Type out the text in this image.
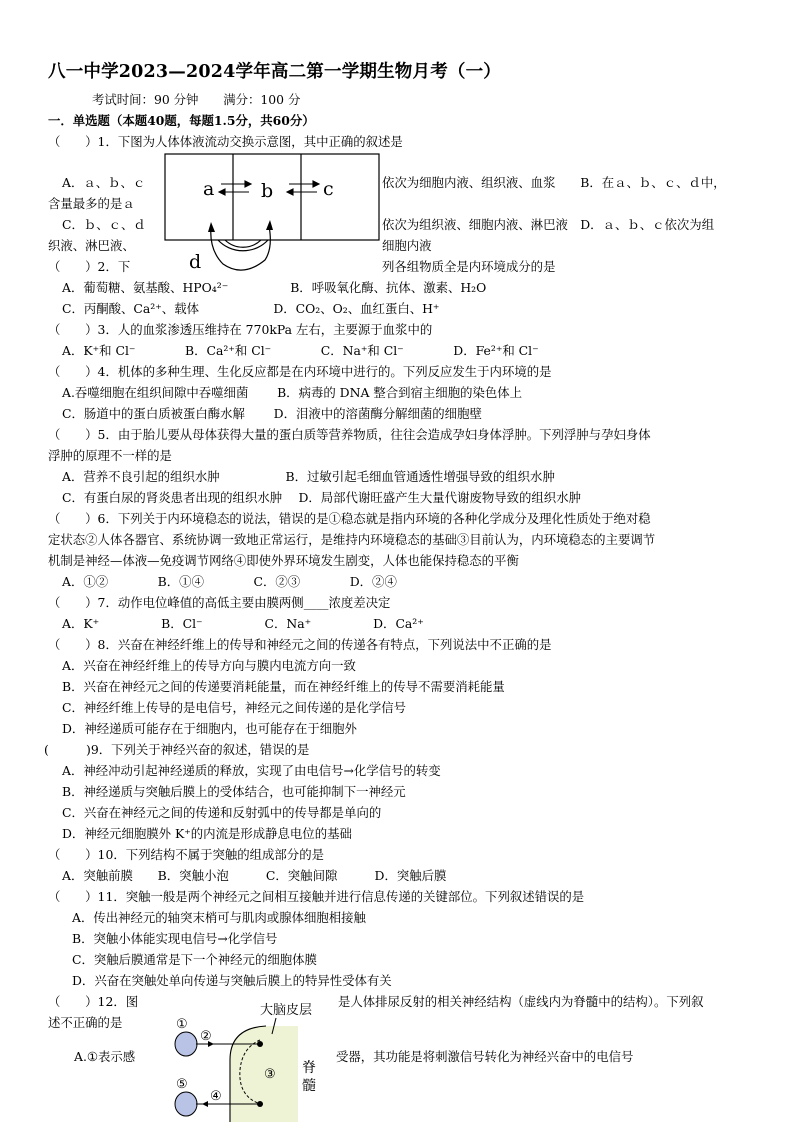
八一中学2023—2024学年高二第一学期生物月考（一）
考试时间：90 分钟　　满分：100 分
一．单选题（本题40题，每题1.5分，共60分）
（　　）1．下图为人体体液流动交换示意图，其中正确的叙述是
a b	c
d
A．ａ、ｂ、ｃ	依次为细胞内液、组织液、血浆　　B．在ａ、ｂ、ｃ、ｄ中，
含量最多的是ａ
C．ｂ、ｃ、ｄ	依次为组织液、细胞内液、淋巴液　D．ａ、ｂ、ｃ依次为组
织液、淋巴液、	细胞内液
（　　）2．下	列各组物质全是内环境成分的是
A．葡萄糖、氨基酸、HPO₄²⁻　　　　　B．呼吸氧化酶、抗体、激素、H₂O
C．丙酮酸、Ca²⁺、载体　　　　　　D．CO₂、O₂、血红蛋白、H⁺
（　　）3．人的血浆渗透压维持在 770kPa 左右，主要源于血浆中的
A．K⁺和 Cl⁻　　　　B．Ca²⁺和 Cl⁻　　　　C．Na⁺和 Cl⁻　　　　D．Fe²⁺和 Cl⁻
（　　）4．机体的多种生理、生化反应都是在内环境中进行的。下列反应发生于内环境的是
A.吞噬细胞在组织间隙中吞噬细菌　　 B．病毒的 DNA 整合到宿主细胞的染色体上
C．肠道中的蛋白质被蛋白酶水解　　 D．泪液中的溶菌酶分解细菌的细胞壁
（　　）5．由于胎儿要从母体获得大量的蛋白质等营养物质，往往会造成孕妇身体浮肿。下列浮肿与孕妇身体
浮肿的原理不一样的是
A．营养不良引起的组织水肿　　　　　 B．过敏引起毛细血管通透性增强导致的组织水肿
C．有蛋白尿的肾炎患者出现的组织水肿　 D．局部代谢旺盛产生大量代谢废物导致的组织水肿
（　　）6．下列关于内环境稳态的说法，错误的是①稳态就是指内环境的各种化学成分及理化性质处于绝对稳
定状态②人体各器官、系统协调一致地正常运行，是维持内环境稳态的基础③目前认为，内环境稳态的主要调节
机制是神经—体液—免疫调节网络④即使外界环境发生剧变，人体也能保持稳态的平衡
A．①②　　　　B．①④　　　　C．②③　　　　D．②④
（　　）7．动作电位峰值的高低主要由膜两侧____浓度差决定
A．K⁺　　　　　B．Cl⁻　　　　　C．Na⁺　　　　　D．Ca²⁺
（　　）8．兴奋在神经纤维上的传导和神经元之间的传递各有特点，下列说法中不正确的是
A．兴奋在神经纤维上的传导方向与膜内电流方向一致
B．兴奋在神经元之间的传递要消耗能量，而在神经纤维上的传导不需要消耗能量
C．神经纤维上传导的是电信号，神经元之间传递的是化学信号
D．神经递质可能存在于细胞内，也可能存在于细胞外
(　　　)9．下列关于神经兴奋的叙述，错误的是
A．神经冲动引起神经递质的释放，实现了由电信号→化学信号的转变
B．神经递质与突触后膜上的受体结合，也可能抑制下一神经元
C．兴奋在神经元之间的传递和反射弧中的传导都是单向的
D．神经元细胞膜外 K⁺的内流是形成静息电位的基础
（　　）10．下列结构不属于突触的组成部分的是
A．突触前膜　　B．突触小泡　　　C．突触间隙　　　D．突触后膜
（　　）11．突触一般是两个神经元之间相互接触并进行信息传递的关键部位。下列叙述错误的是
A．传出神经元的轴突末梢可与肌肉或腺体细胞相接触
B．突触小体能实现电信号→化学信号
C．突触后膜通常是下一个神经元的细胞体膜
D．兴奋在突触处单向传递与突触后膜上的特异性受体有关
（　　）12．图	是人体排尿反射的相关神经结构（虚线内为脊髓中的结构）。下列叙
述不正确的是
大脑皮层
脊
髓
①
②
③
④
⑤
A.①表示感	受器，其功能是将刺激信号转化为神经兴奋中的电信号
